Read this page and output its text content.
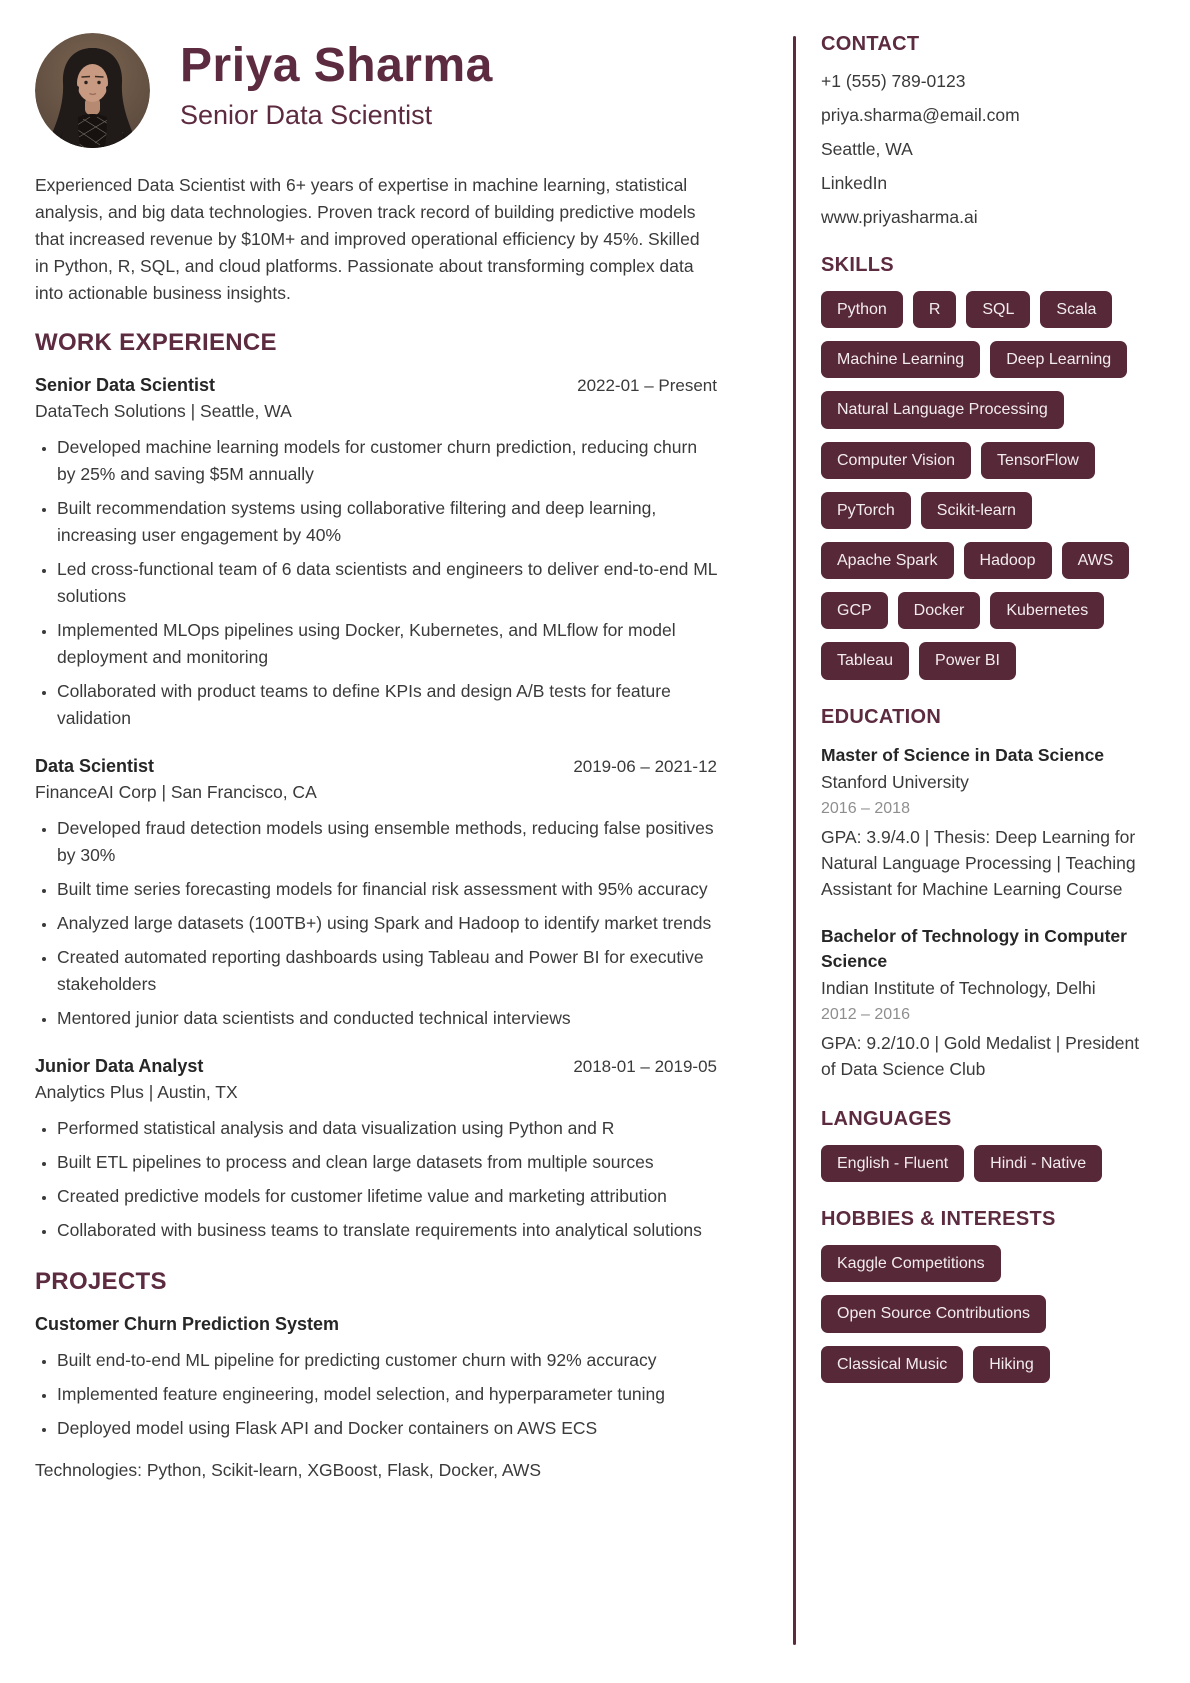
Priya Sharma
Senior Data Scientist

Experienced Data Scientist with 6+ years of expertise in machine learning, statistical analysis, and big data technologies. Proven track record of building predictive models that increased revenue by $10M+ and improved operational efficiency by 45%. Skilled in Python, R, SQL, and cloud platforms. Passionate about transforming complex data into actionable business insights.

WORK EXPERIENCE
Senior Data Scientist	2022-01 – Present
DataTech Solutions | Seattle, WA
• Developed machine learning models for customer churn prediction, reducing churn by 25% and saving $5M annually
• Built recommendation systems using collaborative filtering and deep learning, increasing user engagement by 40%
• Led cross-functional team of 6 data scientists and engineers to deliver end-to-end ML solutions
• Implemented MLOps pipelines using Docker, Kubernetes, and MLflow for model deployment and monitoring
• Collaborated with product teams to define KPIs and design A/B tests for feature validation
Data Scientist	2019-06 – 2021-12
FinanceAI Corp | San Francisco, CA
• Developed fraud detection models using ensemble methods, reducing false positives by 30%
• Built time series forecasting models for financial risk assessment with 95% accuracy
• Analyzed large datasets (100TB+) using Spark and Hadoop to identify market trends
• Created automated reporting dashboards using Tableau and Power BI for executive stakeholders
• Mentored junior data scientists and conducted technical interviews
Junior Data Analyst	2018-01 – 2019-05
Analytics Plus | Austin, TX
• Performed statistical analysis and data visualization using Python and R
• Built ETL pipelines to process and clean large datasets from multiple sources
• Created predictive models for customer lifetime value and marketing attribution
• Collaborated with business teams to translate requirements into analytical solutions
PROJECTS
Customer Churn Prediction System
• Built end-to-end ML pipeline for predicting customer churn with 92% accuracy
• Implemented feature engineering, model selection, and hyperparameter tuning
• Deployed model using Flask API and Docker containers on AWS ECS

Technologies: Python, Scikit-learn, XGBoost, Flask, Docker, AWS

CONTACT
+1 (555) 789-0123
priya.sharma@email.com
Seattle, WA
LinkedIn
www.priyasharma.ai
SKILLS
Python	R	SQL	Scala
Machine Learning	Deep Learning
Natural Language Processing
Computer Vision	TensorFlow
PyTorch	Scikit-learn
Apache Spark	Hadoop	AWS
GCP	Docker	Kubernetes
Tableau	Power BI
EDUCATION
Master of Science in Data Science
Stanford University
2016 – 2018
GPA: 3.9/4.0 | Thesis: Deep Learning for Natural Language Processing | Teaching Assistant for Machine Learning Course
Bachelor of Technology in Computer Science
Indian Institute of Technology, Delhi
2012 – 2016
GPA: 9.2/10.0 | Gold Medalist | President of Data Science Club
LANGUAGES
English - Fluent	Hindi - Native
HOBBIES & INTERESTS
Kaggle Competitions
Open Source Contributions
Classical Music	Hiking
